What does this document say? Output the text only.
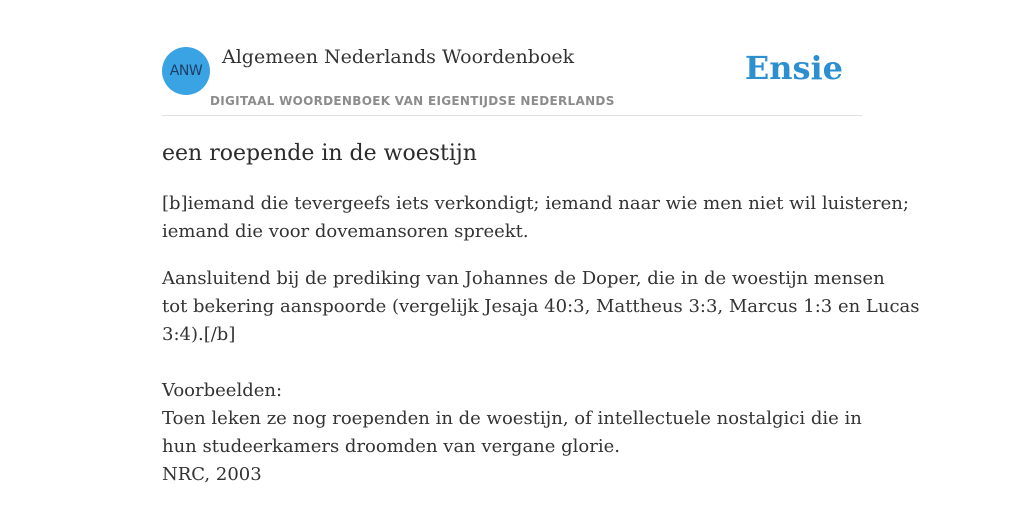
ANW
Algemeen Nederlands Woordenboek
DIGITAAL WOORDENBOEK VAN EIGENTIJDSE NEDERLANDS
Ensie
een roepende in de woestijn

[b]iemand die tevergeefs iets verkondigt; iemand naar wie men niet wil luisteren;
iemand die voor dovemansoren spreekt.

Aansluitend bij de prediking van Johannes de Doper, die in de woestijn mensen
tot bekering aanspoorde (vergelijk Jesaja 40:3, Mattheus 3:3, Marcus 1:3 en Lucas
3:4).[/b]

Voorbeelden:
Toen leken ze nog roependen in de woestijn, of intellectuele nostalgici die in
hun studeerkamers droomden van vergane glorie.
NRC, 2003
